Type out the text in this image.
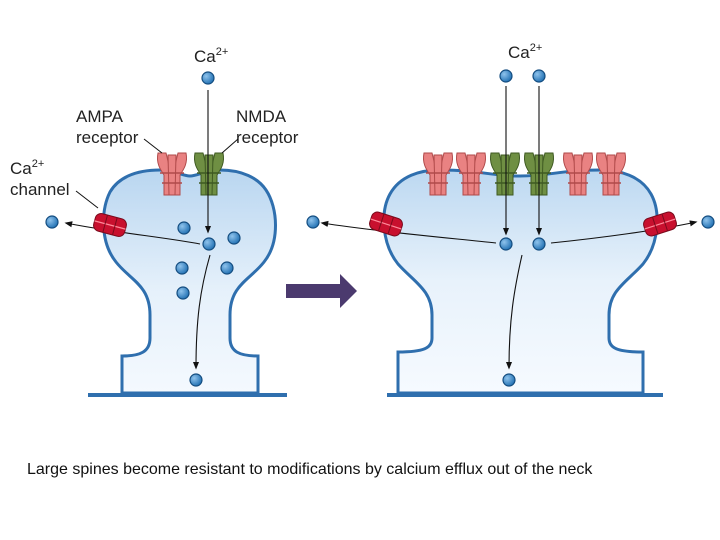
$Ca^{2+}$	$Ca^{2+}$
AMPA
receptor
NMDA
receptor
$Ca^{2+}$
channel
Large spines become resistant to modifications by calcium efflux out of the neck
